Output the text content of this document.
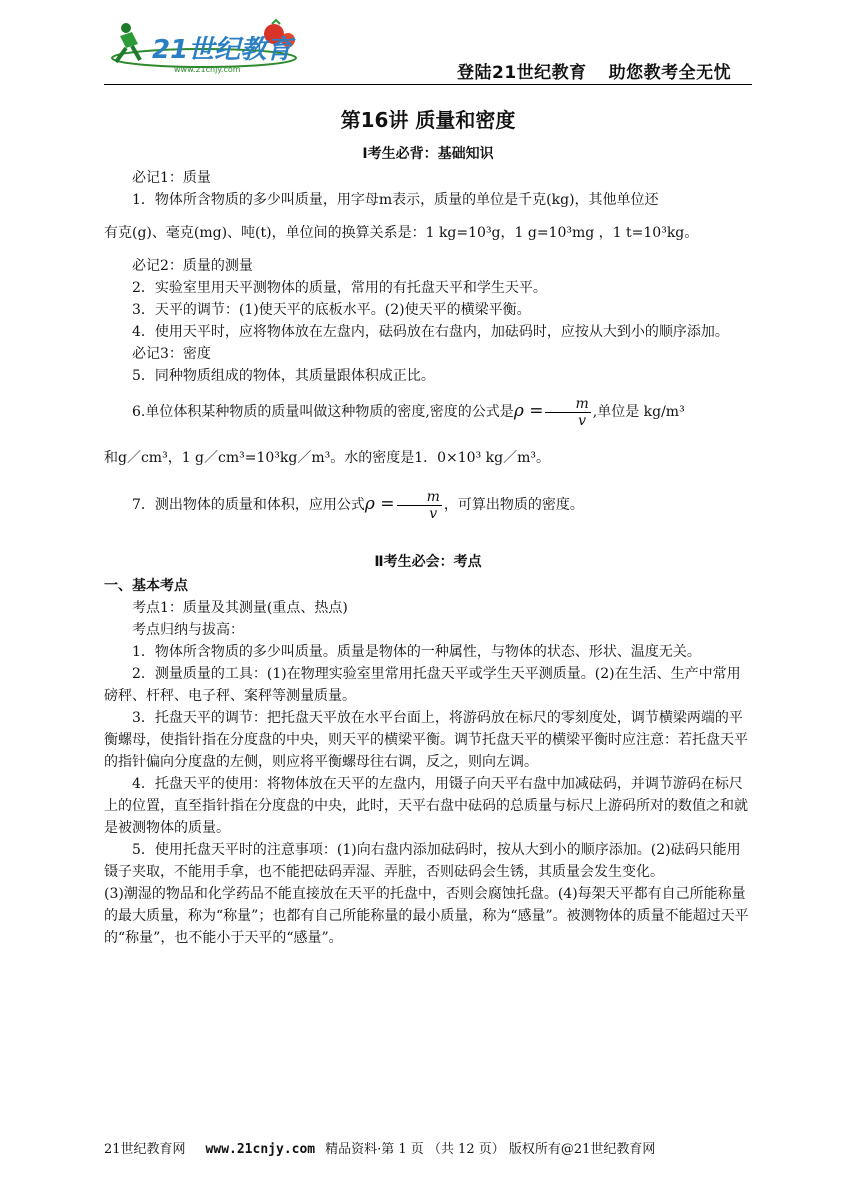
21世纪教育
www.21cnjy.com	登陆21世纪教育 助您教考全无忧
第16讲 质量和密度
Ⅰ考生必背：基础知识

必记1：质量

1．物体所含物质的多少叫质量，用字母m表示，质量的单位是千克(kg)，其他单位还

有克(g)、毫克(mg)、吨(t)，单位间的换算关系是：1 kg=10³g，1 g=10³mg ，1 t=10³kg。

必记2：质量的测量

2．实验室里用天平测物体的质量，常用的有托盘天平和学生天平。

3．天平的调节：(1)使天平的底板水平。(2)使天平的横梁平衡。

4．使用天平时，应将物体放在左盘内，砝码放在右盘内，加砝码时，应按从大到小的顺序添加。

必记3：密度

5．同种物质组成的物体，其质量跟体积成正比。

6.单位体积某种物质的质量叫做这种物质的密度,密度的公式是$\rho = \frac{m}{v}$ ,单位是 kg/m³

和g／cm³，1 g／cm³=10³kg／m³。水的密度是1．0×10³ kg／m³。

7．测出物体的质量和体积，应用公式$\rho = \frac{m}{v}$ ，可算出物质的密度。

Ⅱ考生必会：考点
一、基本考点

考点1：质量及其测量(重点、热点)

考点归纳与拔高：

1．物体所含物质的多少叫质量。质量是物体的一种属性，与物体的状态、形状、温度无关。

2．测量质量的工具：(1)在物理实验室里常用托盘天平或学生天平测质量。(2)在生活、生产中常用磅秤、杆秤、电子秤、案秤等测量质量。

3．托盘天平的调节：把托盘天平放在水平台面上，将游码放在标尺的零刻度处，调节横梁两端的平衡螺母，使指针指在分度盘的中央，则天平的横梁平衡。调节托盘天平的横梁平衡时应注意：若托盘天平的指针偏向分度盘的左侧，则应将平衡螺母往右调，反之，则向左调。

4．托盘天平的使用：将物体放在天平的左盘内，用镊子向天平右盘中加减砝码，并调节游码在标尺上的位置，直至指针指在分度盘的中央，此时，天平右盘中砝码的总质量与标尺上游码所对的数值之和就是被测物体的质量。

5．使用托盘天平时的注意事项：(1)向右盘内添加砝码时，按从大到小的顺序添加。(2)砝码只能用镊子夹取，不能用手拿，也不能把砝码弄湿、弄脏，否则砝码会生锈，其质量会发生变化。

(3)潮湿的物品和化学药品不能直接放在天平的托盘中，否则会腐蚀托盘。(4)每架天平都有自己所能称量的最大质量，称为“称量”；也都有自己所能称量的最小质量，称为“感量”。被测物体的质量不能超过天平的“称量”，也不能小于天平的“感量”。

21世纪教育网 www.21cnjy.com 精品资料·第 1 页 （共 12 页） 版权所有@21世纪教育网
